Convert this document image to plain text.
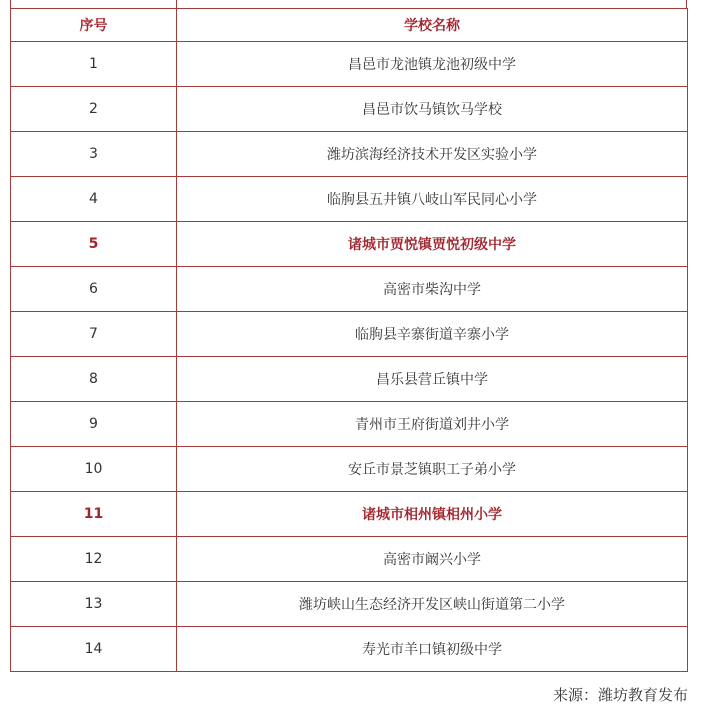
序号	学校名称
1	昌邑市龙池镇龙池初级中学
2	昌邑市饮马镇饮马学校
3	潍坊滨海经济技术开发区实验小学
4	临朐县五井镇八岐山军民同心小学
5	诸城市贾悦镇贾悦初级中学
6	高密市柴沟中学
7	临朐县辛寨街道辛寨小学
8	昌乐县营丘镇中学
9	青州市王府街道刘井小学
10	安丘市景芝镇职工子弟小学
11	诸城市相州镇相州小学
12	高密市阚兴小学
13	潍坊峡山生态经济开发区峡山街道第二小学
14	寿光市羊口镇初级中学
来源：潍坊教育发布
